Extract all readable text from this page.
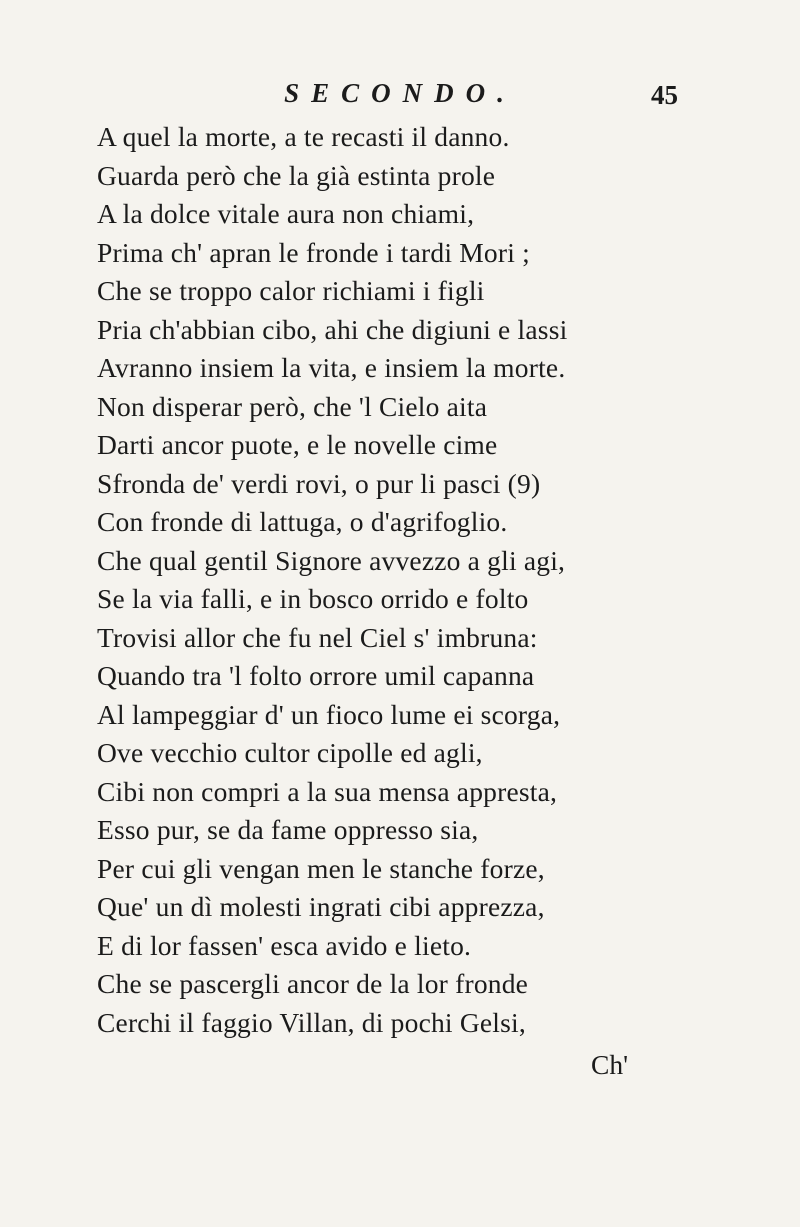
SECONDO.	45
A quel la morte, a te recasti il danno.
Guarda però che la già estinta prole
A la dolce vitale aura non chiami,
Prima ch' apran le fronde i tardi Mori ;
Che se troppo calor richiami i figli
Pria ch'abbian cibo, ahi che digiuni e lassi
Avranno insiem la vita, e insiem la morte.
Non disperar però, che 'l Cielo aita
Darti ancor puote, e le novelle cime
Sfronda de' verdi rovi, o pur li pasci (9)
Con fronde di lattuga, o d'agrifoglio.
Che qual gentil Signore avvezzo a gli agi,
Se la via falli, e in bosco orrido e folto
Trovisi allor che fu nel Ciel s' imbruna:
Quando tra 'l folto orrore umil capanna
Al lampeggiar d' un fioco lume ei scorga,
Ove vecchio cultor cipolle ed agli,
Cibi non compri a la sua mensa appresta,
Esso pur, se da fame oppresso sia,
Per cui gli vengan men le stanche forze,
Que' un dì molesti ingrati cibi apprezza,
E di lor fassen' esca avido e lieto.
Che se pascergli ancor de la lor fronde
Cerchi il faggio Villan, di pochi Gelsi,
Ch'
